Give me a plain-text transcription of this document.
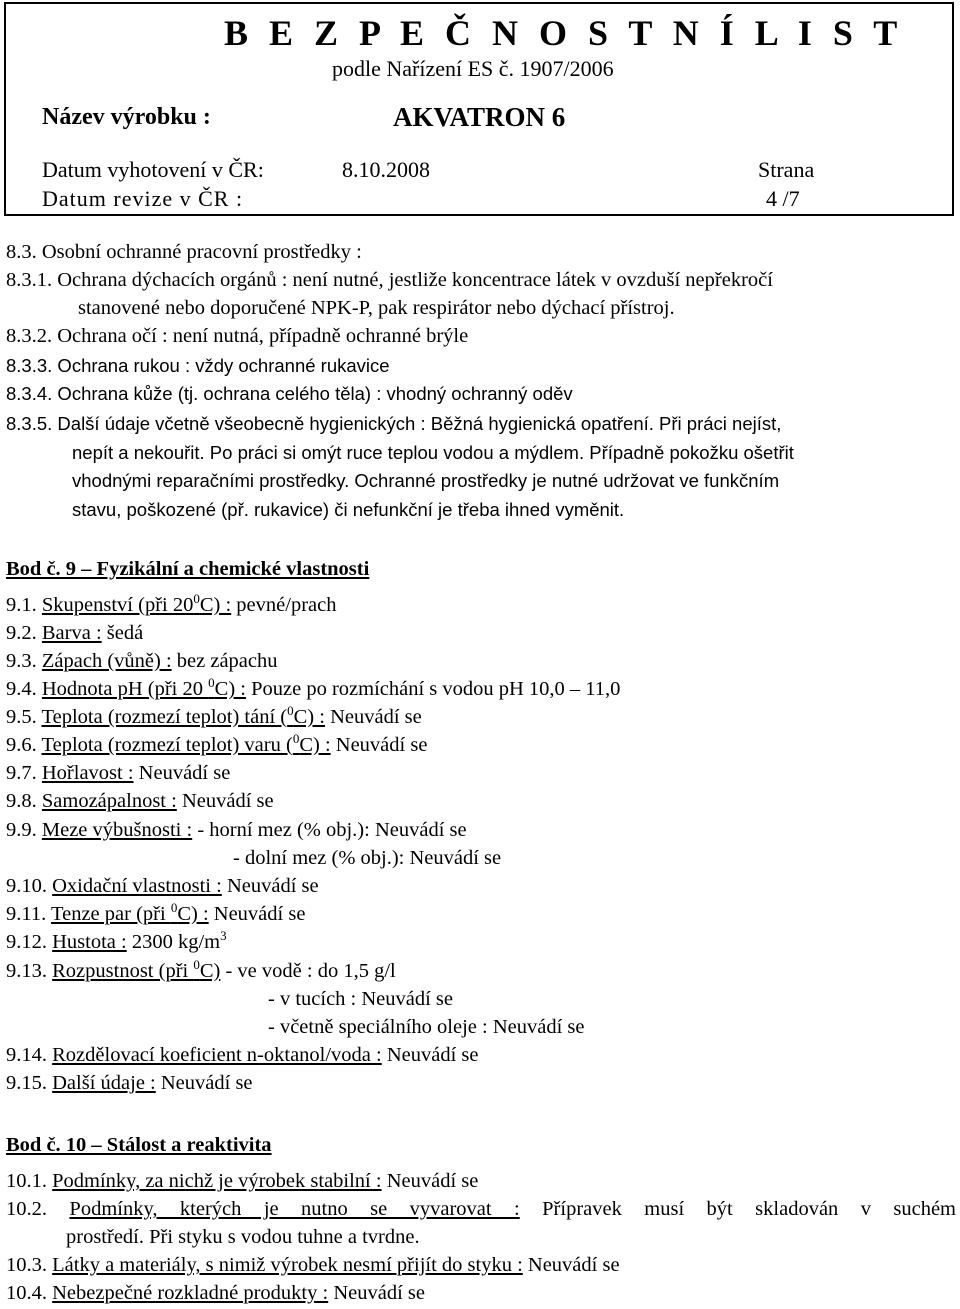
B E Z P E Č N O S T N Í L I S T
podle Nařízení ES č. 1907/2006
Název výrobku :	AKVATRON 6
Datum vyhotovení v ČR:	8.10.2008	Strana
Datum revize v ČR :	4 /7
8.3. Osobní ochranné pracovní prostředky :
8.3.1. Ochrana dýchacích orgánů : není nutné, jestliže koncentrace látek v ovzduší nepřekročí
stanovené nebo doporučené NPK-P, pak respirátor nebo dýchací přístroj.
8.3.2. Ochrana očí : není nutná, případně ochranné brýle
8.3.3. Ochrana rukou : vždy ochranné rukavice
8.3.4. Ochrana kůže (tj. ochrana celého těla) : vhodný ochranný oděv
8.3.5. Další údaje včetně všeobecně hygienických : Běžná hygienická opatření. Při práci nejíst,
nepít a nekouřit. Po práci si omýt ruce teplou vodou a mýdlem. Případně pokožku ošetřit
vhodnými reparačními prostředky. Ochranné prostředky je nutné udržovat ve funkčním
stavu, poškozené (př. rukavice) či nefunkční je třeba ihned vyměnit.
Bod č. 9 – Fyzikální a chemické vlastnosti
9.1. Skupenství (při $20^0C$) : pevné/prach
9.2. Barva : šedá
9.3. Zápach (vůně) : bez zápachu
9.4. Hodnota pH (při 20 $^0$C) : Pouze po rozmíchání s vodou pH 10,0 – 11,0
9.5. Teplota (rozmezí teplot) tání ($^0$C) : Neuvádí se
9.6. Teplota (rozmezí teplot) varu ($^0$C) : Neuvádí se
9.7. Hořlavost : Neuvádí se
9.8. Samozápalnost : Neuvádí se
9.9. Meze výbušnosti : - horní mez (% obj.): Neuvádí se
- dolní mez (% obj.): Neuvádí se
9.10. Oxidační vlastnosti : Neuvádí se
9.11. Tenze par (při $^0$C) : Neuvádí se
9.12. Hustota : 2300 $kg/m^3$
9.13. Rozpustnost (při $^0$C) - ve vodě : do 1,5 g/l
- v tucích : Neuvádí se
- včetně speciálního oleje : Neuvádí se
9.14. Rozdělovací koeficient n-oktanol/voda : Neuvádí se
9.15. Další údaje : Neuvádí se
Bod č. 10 – Stálost a reaktivita
10.1. Podmínky, za nichž je výrobek stabilní : Neuvádí se
10.2. Podmínky, kterých je nutno se vyvarovat : Přípravek musí být skladován v suchém
prostředí. Při styku s vodou tuhne a tvrdne.
10.3. Látky a materiály, s nimiž výrobek nesmí přijít do styku : Neuvádí se
10.4. Nebezpečné rozkladné produkty : Neuvádí se
